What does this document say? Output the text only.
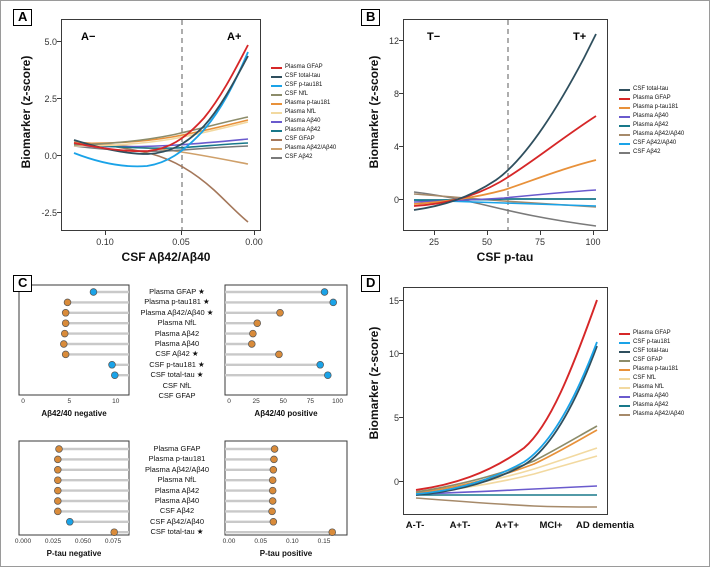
A
Biomarker (z-score)
A−	A+
-2.5
0.0
2.5
5.0
0.10	0.05	0.00
CSF Aβ42/Aβ40
Plasma GFAP
CSF total-tau
CSF p-tau181
CSF NfL
Plasma p-tau181
Plasma NfL
Plasma Aβ40
Plasma Aβ42
CSF GFAP
Plasma Aβ42/Aβ40
CSF Aβ42
B
Biomarker (z-score)
T−	T+
0
4
8
12
25	50	75	100
CSF p-tau
CSF total-tau
Plasma GFAP
Plasma p-tau181
Plasma Aβ40
Plasma Aβ42
Plasma Aβ42/Aβ40
CSF Aβ42/Aβ40
CSF Aβ42
C
Plasma GFAP ★
Plasma p-tau181 ★
Plasma Aβ42/Aβ40 ★
Plasma NfL
Plasma Aβ42
Plasma Aβ40
CSF Aβ42 ★
CSF p-tau181 ★
CSF total-tau ★
CSF NfL
CSF GFAP
Aβ42/40 negative	Aβ42/40 positive
10
5
0	0	25	50	75	100
Plasma GFAP
Plasma p-tau181
Plasma Aβ42/Aβ40
Plasma NfL
Plasma Aβ42
Plasma Aβ40
CSF Aβ42
CSF Aβ42/Aβ40
CSF total-tau ★
P-tau negative	P-tau positive
0.075
0.050
0.025
0.000	0.00	0.05	0.10	0.15
D
Biomarker (z-score)
0
5
10
15
A-T-	A+T-	A+T+	MCI+	AD dementia
Plasma GFAP
CSF p-tau181
CSF total-tau
CSF GFAP
Plasma p-tau181
CSF NfL
Plasma NfL
Plasma Aβ40
Plasma Aβ42
Plasma Aβ42/Aβ40
